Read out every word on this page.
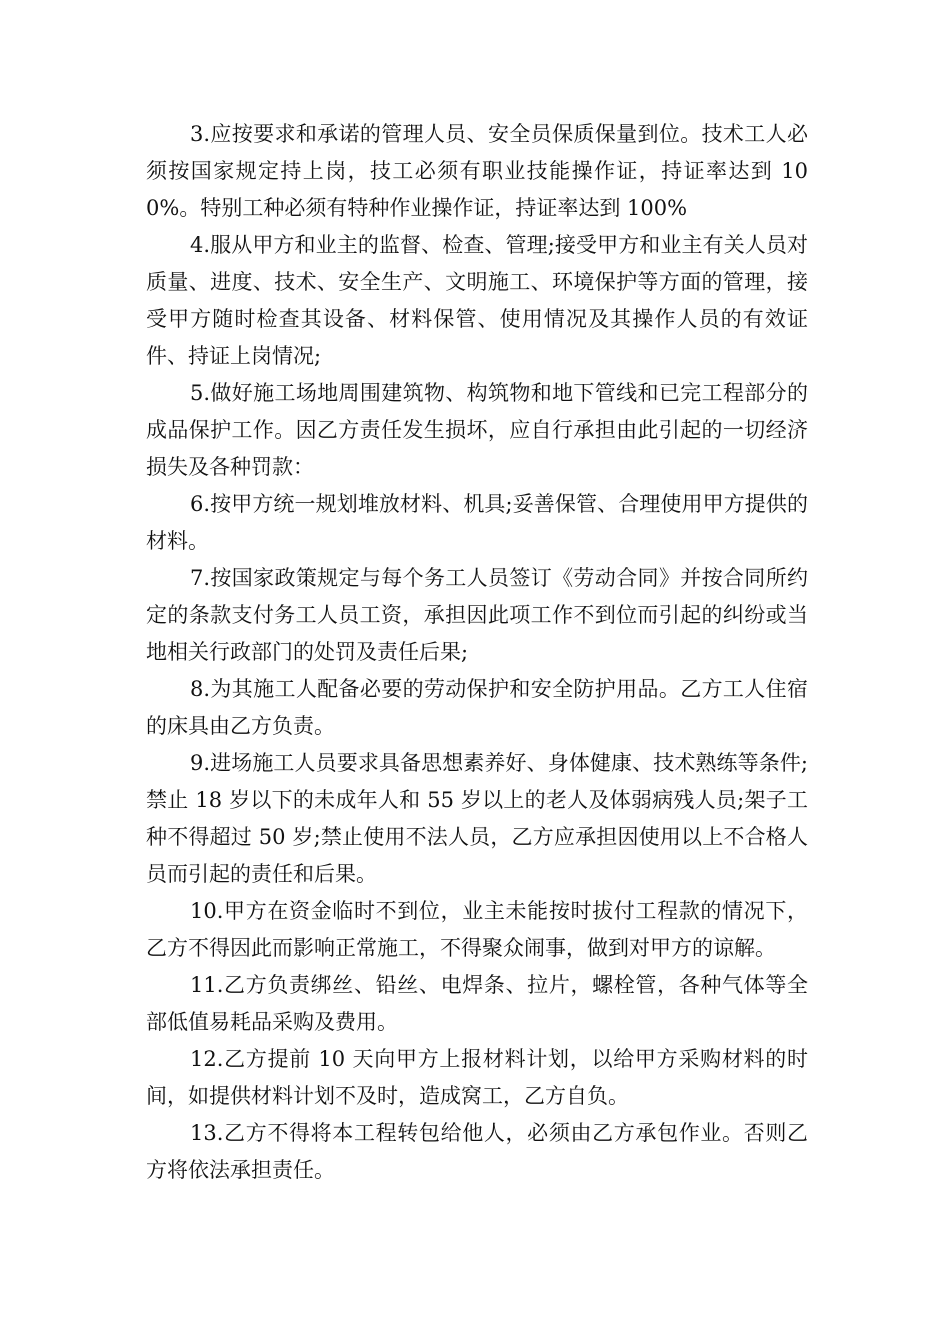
3.应按要求和承诺的管理人员、安全员保质保量到位。技术工人必须按国家规定持上岗，技工必须有职业技能操作证，持证率达到 100%。特别工种必须有特种作业操作证，持证率达到 100%

4.服从甲方和业主的监督、检查、管理;接受甲方和业主有关人员对质量、进度、技术、安全生产、文明施工、环境保护等方面的管理，接受甲方随时检查其设备、材料保管、使用情况及其操作人员的有效证件、持证上岗情况;

5.做好施工场地周围建筑物、构筑物和地下管线和已完工程部分的成品保护工作。因乙方责任发生损坏，应自行承担由此引起的一切经济损失及各种罚款：

6.按甲方统一规划堆放材料、机具;妥善保管、合理使用甲方提供的材料。

7.按国家政策规定与每个务工人员签订《劳动合同》并按合同所约定的条款支付务工人员工资，承担因此项工作不到位而引起的纠纷或当地相关行政部门的处罚及责任后果;

8.为其施工人配备必要的劳动保护和安全防护用品。乙方工人住宿的床具由乙方负责。

9.进场施工人员要求具备思想素养好、身体健康、技术熟练等条件;禁止 18 岁以下的未成年人和 55 岁以上的老人及体弱病残人员;架子工种不得超过 50 岁;禁止使用不法人员，乙方应承担因使用以上不合格人员而引起的责任和后果。

10.甲方在资金临时不到位，业主未能按时拔付工程款的情况下，乙方不得因此而影响正常施工，不得聚众闹事，做到对甲方的谅解。

11.乙方负责绑丝、铅丝、电焊条、拉片，螺栓管，各种气体等全部低值易耗品采购及费用。

12.乙方提前 10 天向甲方上报材料计划，以给甲方采购材料的时间，如提供材料计划不及时，造成窝工，乙方自负。

13.乙方不得将本工程转包给他人，必须由乙方承包作业。否则乙方将依法承担责任。
